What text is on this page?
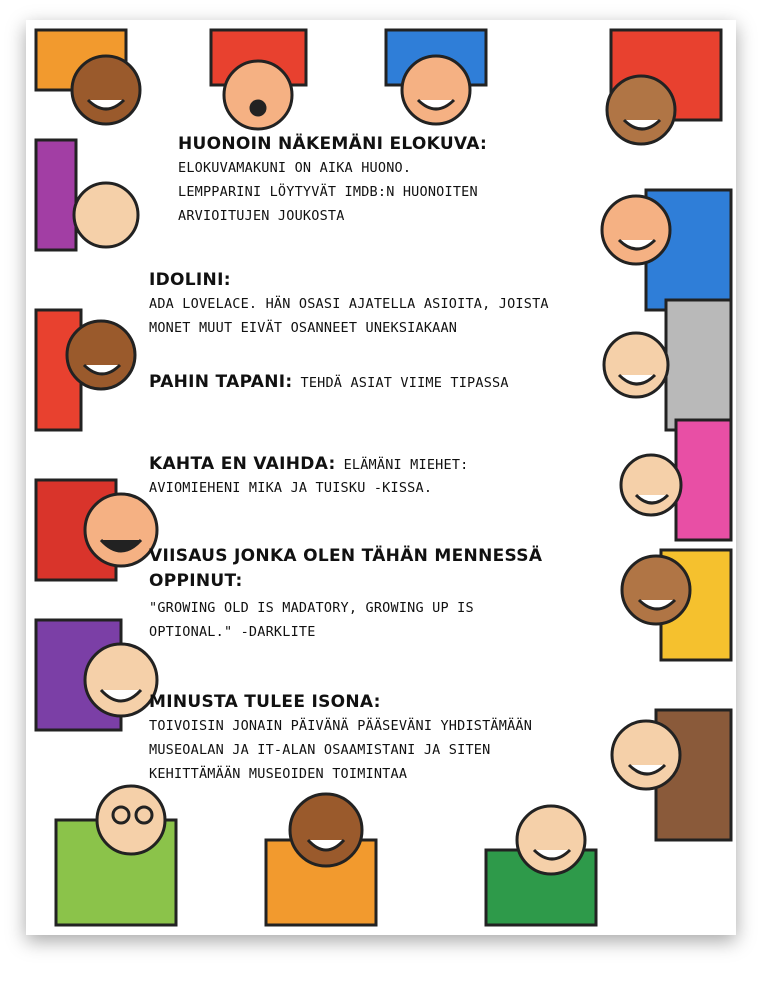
HUONOIN NÄKEMÄNI ELOKUVA:
ELOKUVAMAKUNI ON AIKA HUONO.
LEMPPARINI LÖYTYVÄT IMDB:N HUONOITEN
ARVIOITUJEN JOUKOSTA
IDOLINI:
ADA LOVELACE. HÄN OSASI AJATELLA ASIOITA, JOISTA
MONET MUUT EIVÄT OSANNEET UNEKSIAKAAN
PAHIN TAPANI: TEHDÄ ASIAT VIIME TIPASSA
KAHTA EN VAIHDA: ELÄMÄNI MIEHET:
AVIOMIEHENI MIKA JA TUISKU -KISSA.
VIISAUS JONKA OLEN TÄHÄN MENNESSÄ
OPPINUT:
"GROWING OLD IS MADATORY, GROWING UP IS
OPTIONAL." -DARKLITE
MINUSTA TULEE ISONA:
TOIVOISIN JONAIN PÄIVÄNÄ PÄÄSEVÄNI YHDISTÄMÄÄN
MUSEOALAN JA IT-ALAN OSAAMISTANI JA SITEN
KEHITTÄMÄÄN MUSEOIDEN TOIMINTAA
